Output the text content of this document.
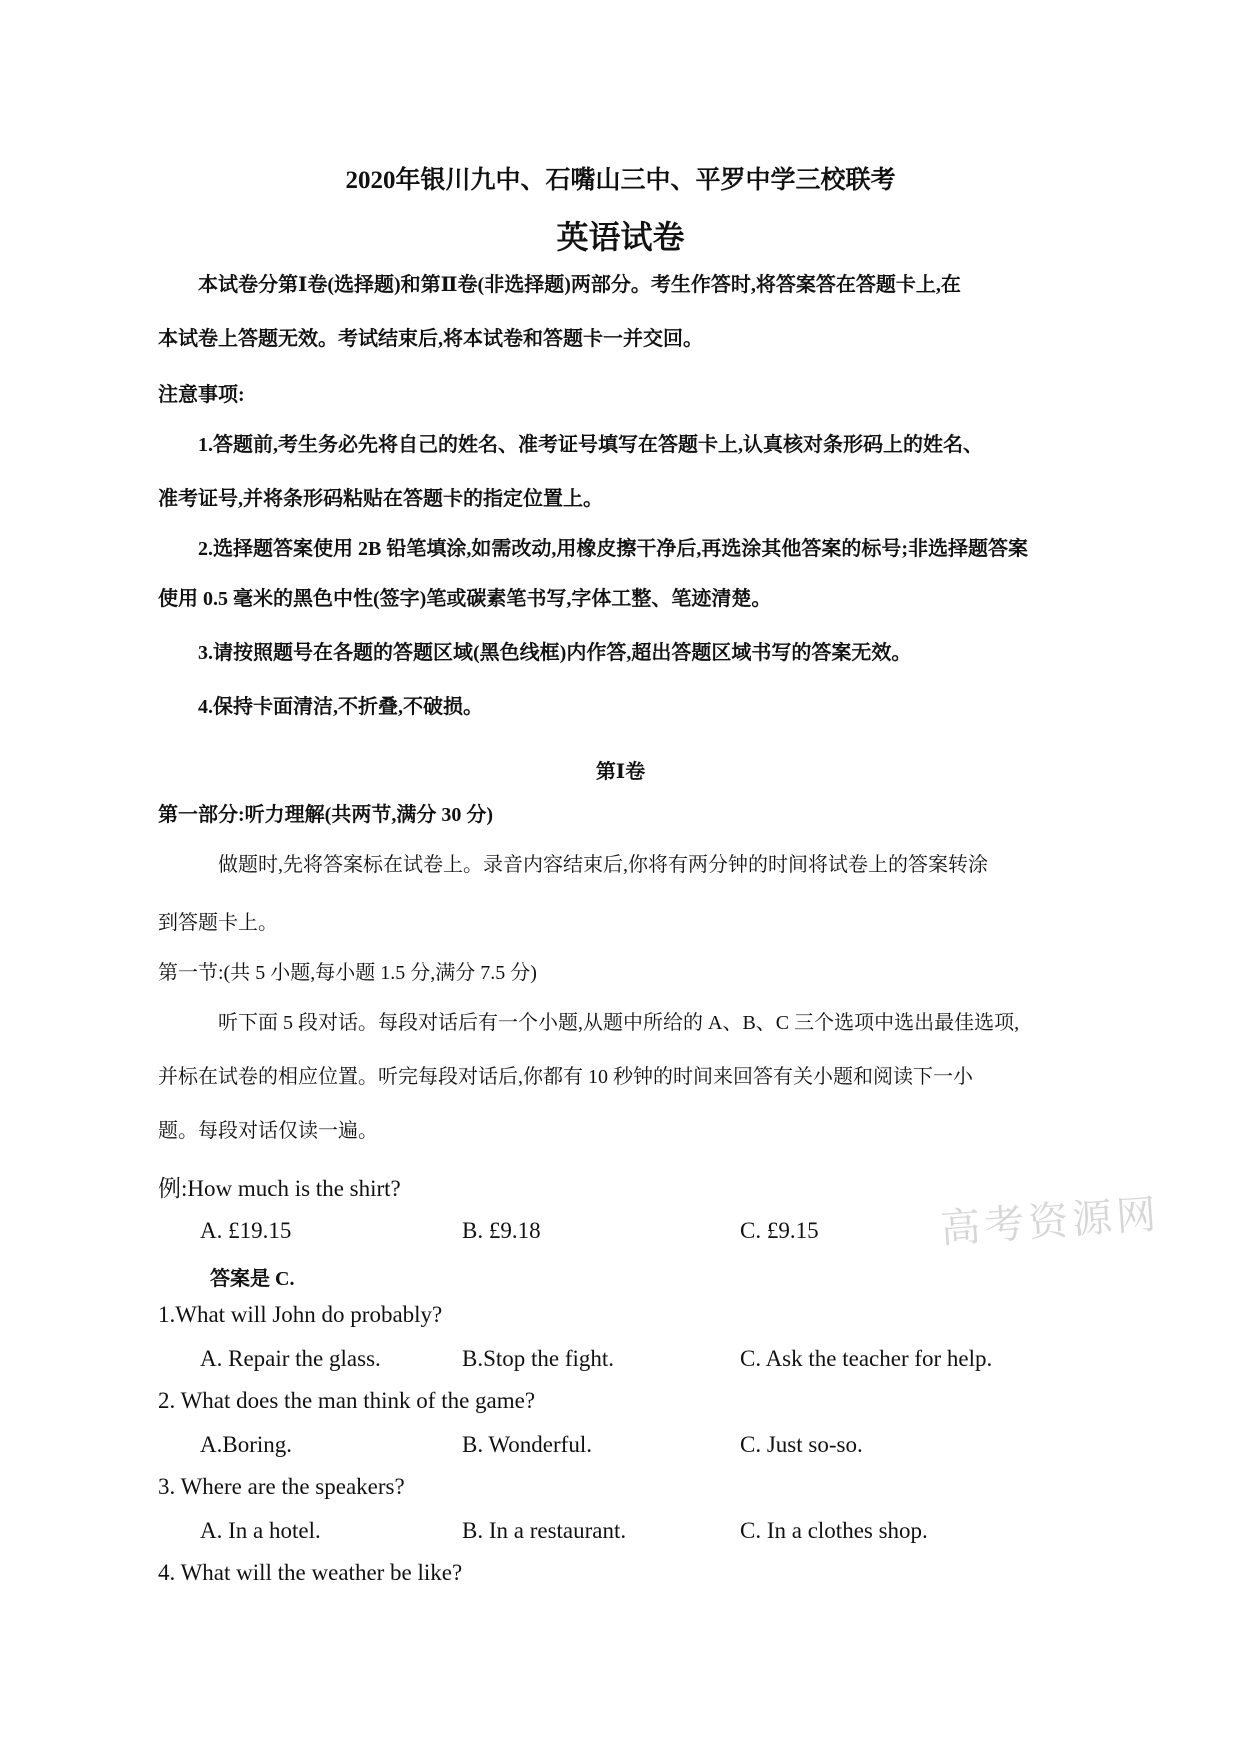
2020年银川九中、石嘴山三中、平罗中学三校联考
英语试卷
本试卷分第Ⅰ卷(选择题)和第Ⅱ卷(非选择题)两部分。考生作答时,将答案答在答题卡上,在
本试卷上答题无效。考试结束后,将本试卷和答题卡一并交回。
注意事项:
1.答题前,考生务必先将自己的姓名、准考证号填写在答题卡上,认真核对条形码上的姓名、
准考证号,并将条形码粘贴在答题卡的指定位置上。
2.选择题答案使用 2B 铅笔填涂,如需改动,用橡皮擦干净后,再选涂其他答案的标号;非选择题答案
使用 0.5 毫米的黑色中性(签字)笔或碳素笔书写,字体工整、笔迹清楚。
3.请按照题号在各题的答题区域(黑色线框)内作答,超出答题区域书写的答案无效。
4.保持卡面清洁,不折叠,不破损。
第Ⅰ卷
第一部分:听力理解(共两节,满分 30 分)
做题时,先将答案标在试卷上。录音内容结束后,你将有两分钟的时间将试卷上的答案转涂
到答题卡上。
第一节:(共 5 小题,每小题 1.5 分,满分 7.5 分)
听下面 5 段对话。每段对话后有一个小题,从题中所给的 A、B、C 三个选项中选出最佳选项,
并标在试卷的相应位置。听完每段对话后,你都有 10 秒钟的时间来回答有关小题和阅读下一小
题。每段对话仅读一遍。
例:How much is the shirt?
A. £19.15	B. £9.18	C. £9.15
答案是 C.
1.What will John do probably?
A. Repair the glass.	B.Stop the fight.	C. Ask the teacher for help.
2. What does the man think of the game?
A.Boring.	B. Wonderful.	C. Just so-so.
3. Where are the speakers?
A. In a hotel.	B. In a restaurant.	C. In a clothes shop.
4. What will the weather be like?
高考资源网
